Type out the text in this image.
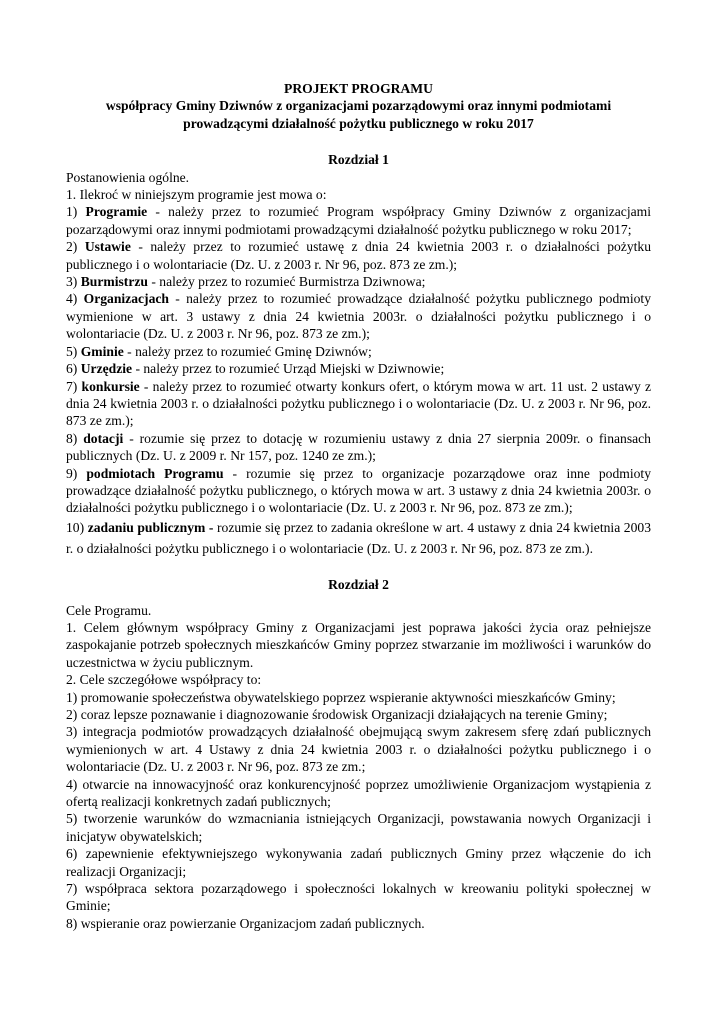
PROJEKT PROGRAMU

współpracy Gminy Dziwnów z organizacjami pozarządowymi oraz innymi podmiotami

prowadzącymi działalność pożytku publicznego w roku 2017

Rozdział 1

Postanowienia ogólne.

1. Ilekroć w niniejszym programie jest mowa o:

1) Programie - należy przez to rozumieć Program współpracy Gminy Dziwnów z organizacjami pozarządowymi oraz innymi podmiotami prowadzącymi działalność pożytku publicznego w roku 2017;

2) Ustawie - należy przez to rozumieć ustawę z dnia 24 kwietnia 2003 r. o działalności pożytku publicznego i o wolontariacie (Dz. U. z 2003 r. Nr 96, poz. 873 ze zm.);

3) Burmistrzu - należy przez to rozumieć Burmistrza Dziwnowa;

4) Organizacjach - należy przez to rozumieć prowadzące działalność pożytku publicznego podmioty wymienione w art. 3 ustawy z dnia 24 kwietnia 2003r. o działalności pożytku publicznego i o wolontariacie (Dz. U. z 2003 r. Nr 96, poz. 873 ze zm.);

5) Gminie - należy przez to rozumieć Gminę Dziwnów;

6) Urzędzie - należy przez to rozumieć Urząd Miejski w Dziwnowie;

7) konkursie - należy przez to rozumieć otwarty konkurs ofert, o którym mowa w art. 11 ust. 2 ustawy z dnia 24 kwietnia 2003 r. o działalności pożytku publicznego i o wolontariacie (Dz. U. z 2003 r. Nr 96, poz. 873 ze zm.);

8) dotacji - rozumie się przez to dotację w rozumieniu ustawy z dnia 27 sierpnia 2009r. o finansach publicznych (Dz. U. z 2009 r. Nr 157, poz. 1240 ze zm.);

9) podmiotach Programu - rozumie się przez to organizacje pozarządowe oraz inne podmioty prowadzące działalność pożytku publicznego, o których mowa w art. 3 ustawy z dnia 24 kwietnia 2003r. o działalności pożytku publicznego i o wolontariacie (Dz. U. z 2003 r. Nr 96, poz. 873 ze zm.);

10) zadaniu publicznym - rozumie się przez to zadania określone w art. 4 ustawy z dnia 24 kwietnia 2003 r. o działalności pożytku publicznego i o wolontariacie (Dz. U. z 2003 r. Nr 96, poz. 873 ze zm.).

Rozdział 2

Cele Programu.

1. Celem głównym współpracy Gminy z Organizacjami jest poprawa jakości życia oraz pełniejsze zaspokajanie potrzeb społecznych mieszkańców Gminy poprzez stwarzanie im możliwości i warunków do uczestnictwa w życiu publicznym.

2. Cele szczegółowe współpracy to:

1) promowanie społeczeństwa obywatelskiego poprzez wspieranie aktywności mieszkańców Gminy;

2) coraz lepsze poznawanie i diagnozowanie środowisk Organizacji działających na terenie Gminy;

3) integracja podmiotów prowadzących działalność obejmującą swym zakresem sferę zdań publicznych wymienionych w art. 4 Ustawy z dnia 24 kwietnia 2003 r. o działalności pożytku publicznego i o wolontariacie (Dz. U. z 2003 r. Nr 96, poz. 873 ze zm.;

4) otwarcie na innowacyjność oraz konkurencyjność poprzez umożliwienie Organizacjom wystąpienia z ofertą realizacji konkretnych zadań publicznych;

5) tworzenie warunków do wzmacniania istniejących Organizacji, powstawania nowych Organizacji i inicjatyw obywatelskich;

6) zapewnienie efektywniejszego wykonywania zadań publicznych Gminy przez włączenie do ich realizacji Organizacji;

7) współpraca sektora pozarządowego i społeczności lokalnych w kreowaniu polityki społecznej w Gminie;

8) wspieranie oraz powierzanie Organizacjom zadań publicznych.
